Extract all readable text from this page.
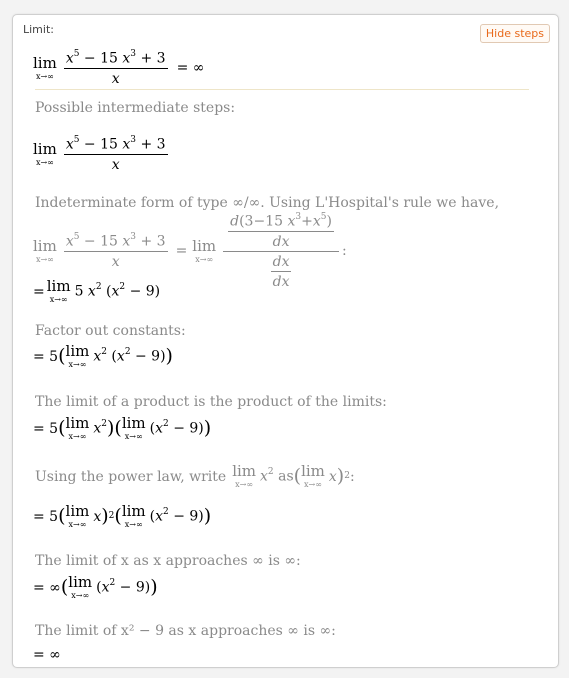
Limit:	Hide steps
lim
$x\to\infty \frac{x^5 - 15 x^3 + 3}{x}$ = ∞
Possible intermediate steps:
lim
$x\to\infty \frac{x^5 - 15 x^3 + 3}{x}$
Indeterminate form of type ∞/∞. Using L'Hospital's rule we have,
lim
$x\to\infty \frac{x^5 - 15 x^3 + 3}{x} = \lim$
$x\to\infty \frac{\frac{d(3-15 x^3+x^5)}{dx}}{\frac{dx}{dx}}$ :
= lim
x→∞ 5 $x^2$ $(x^2 - 9)$
Factor out constants:
= 5 ( lim
x→∞ $x^2$ $(x^2 - 9)$ )
The limit of a product is the product of the limits:
= 5 ( lim
x→∞ $x^2$ ) ( lim
x→∞ $(x^2 - 9)$ )
Using the power law, write lim
x→∞ $x^2$ as ( lim
x→∞ x )$^2$ :
= 5 ( lim
x→∞ x )$^2$ ( lim
x→∞ $(x^2 - 9)$ )
The limit of x as x approaches ∞ is ∞:
= ∞ ( lim
x→∞ $(x^2 - 9)$ )
The limit of x² − 9 as x approaches ∞ is ∞:
= ∞
